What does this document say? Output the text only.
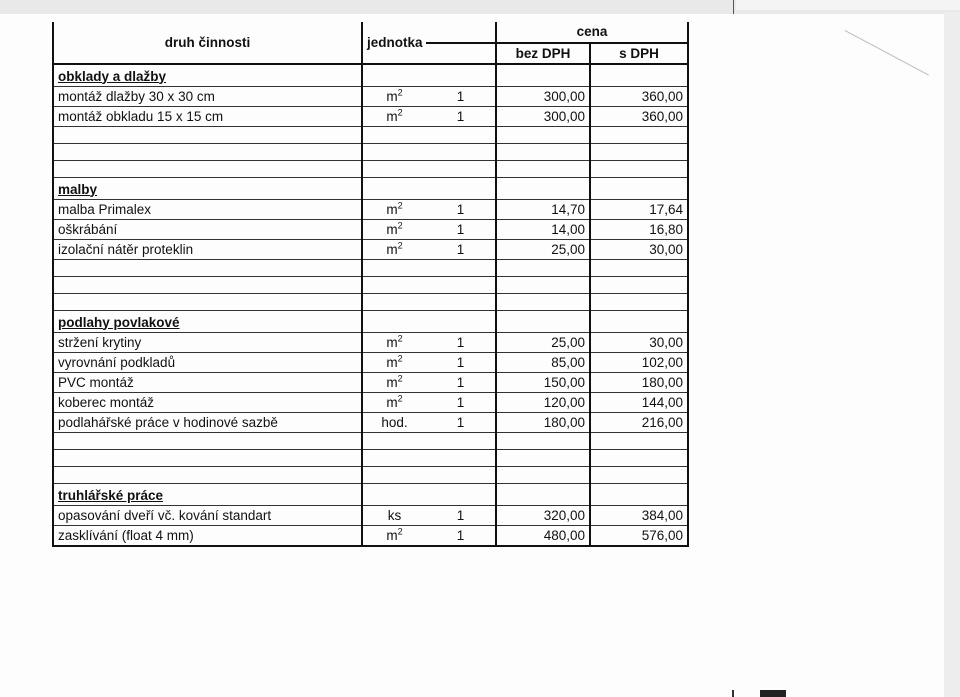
druh činnosti	jednotka		cena	
			bez DPH	s DPH
obklady a dlažby				
montáž dlažby 30 x 30 cm	$m^2$	1	300,00	360,00
montáž obkladu 15 x 15 cm	$m^2$	1	300,00	360,00

malby				
malba Primalex	$m^2$	1	14,70	17,64
oškrábání	$m^2$	1	14,00	16,80
izolační nátěr proteklin	$m^2$	1	25,00	30,00

podlahy povlakové				
stržení krytiny	$m^2$	1	25,00	30,00
vyrovnání podkladů	$m^2$	1	85,00	102,00
PVC montáž	$m^2$	1	150,00	180,00
koberec montáž	$m^2$	1	120,00	144,00
podlahářské práce v hodinové sazbě	hod.	1	180,00	216,00

truhlářské práce				
opasování dveří vč. kování standart	ks	1	320,00	384,00
zasklívání (float 4 mm)	$m^2$	1	480,00	576,00
